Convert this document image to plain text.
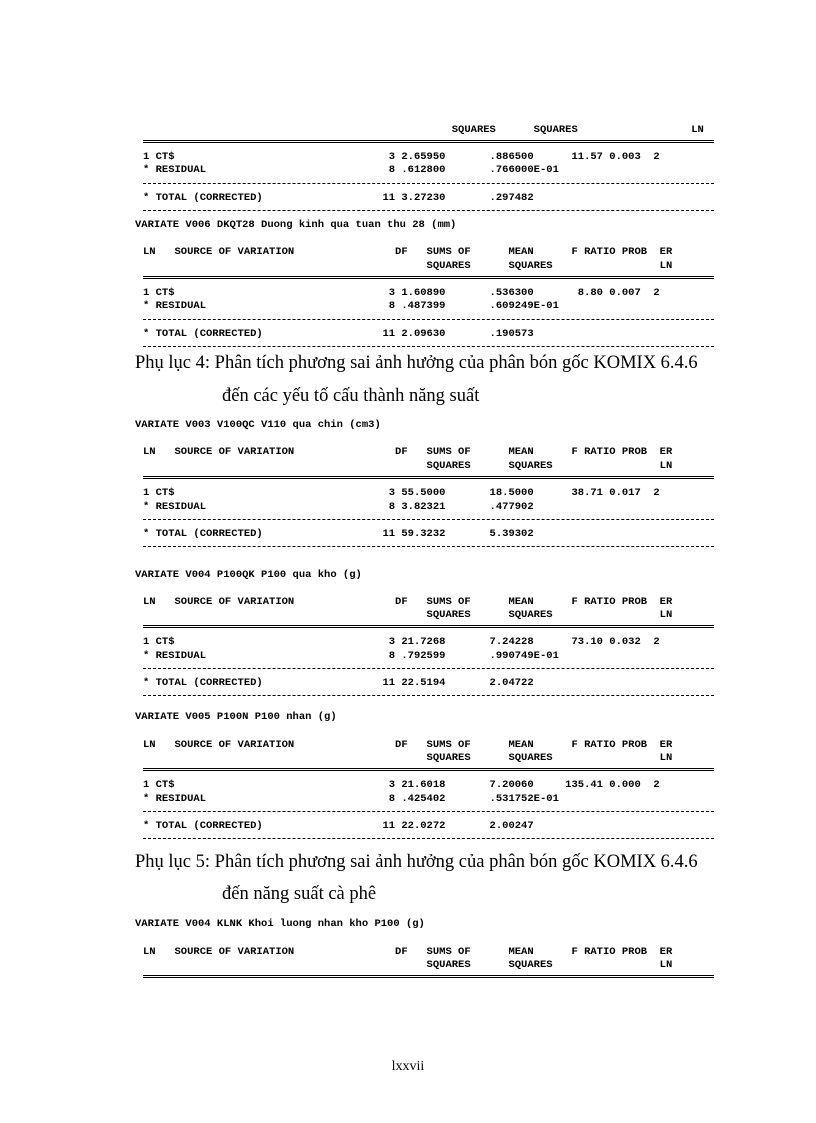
SQUARES      SQUARES                  LN
1 CT$                                  3 2.65950       .886500      11.57 0.003  2
* RESIDUAL                             8 .612800       .766000E-01
* TOTAL (CORRECTED)                   11 3.27230       .297482
VARIATE V006 DKQT28 Duong kinh qua tuan thu 28 (mm)
LN   SOURCE OF VARIATION                DF   SUMS OF      MEAN      F RATIO PROB  ER
SQUARES      SQUARES                 LN
1 CT$                                  3 1.60890       .536300       8.80 0.007  2
* RESIDUAL                             8 .487399       .609249E-01
* TOTAL (CORRECTED)                   11 2.09630       .190573
Phụ lục 4: Phân tích phương sai ảnh hưởng của phân bón gốc KOMIX 6.4.6
đến các yếu tố cấu thành năng suất
VARIATE V003 V100QC V110 qua chin (cm3)
LN   SOURCE OF VARIATION                DF   SUMS OF      MEAN      F RATIO PROB  ER
SQUARES      SQUARES                 LN
1 CT$                                  3 55.5000       18.5000      38.71 0.017  2
* RESIDUAL                             8 3.82321       .477902
* TOTAL (CORRECTED)                   11 59.3232       5.39302
VARIATE V004 P100QK P100 qua kho (g)
LN   SOURCE OF VARIATION                DF   SUMS OF      MEAN      F RATIO PROB  ER
SQUARES      SQUARES                 LN
1 CT$                                  3 21.7268       7.24228      73.10 0.032  2
* RESIDUAL                             8 .792599       .990749E-01
* TOTAL (CORRECTED)                   11 22.5194       2.04722
VARIATE V005 P100N P100 nhan (g)
LN   SOURCE OF VARIATION                DF   SUMS OF      MEAN      F RATIO PROB  ER
SQUARES      SQUARES                 LN
1 CT$                                  3 21.6018       7.20060     135.41 0.000  2
* RESIDUAL                             8 .425402       .531752E-01
* TOTAL (CORRECTED)                   11 22.0272       2.00247
Phụ lục 5: Phân tích phương sai ảnh hưởng của phân bón gốc KOMIX 6.4.6
đến năng suất cà phê
VARIATE V004 KLNK Khoi luong nhan kho P100 (g)
LN   SOURCE OF VARIATION                DF   SUMS OF      MEAN      F RATIO PROB  ER
SQUARES      SQUARES                 LN
lxxvii
